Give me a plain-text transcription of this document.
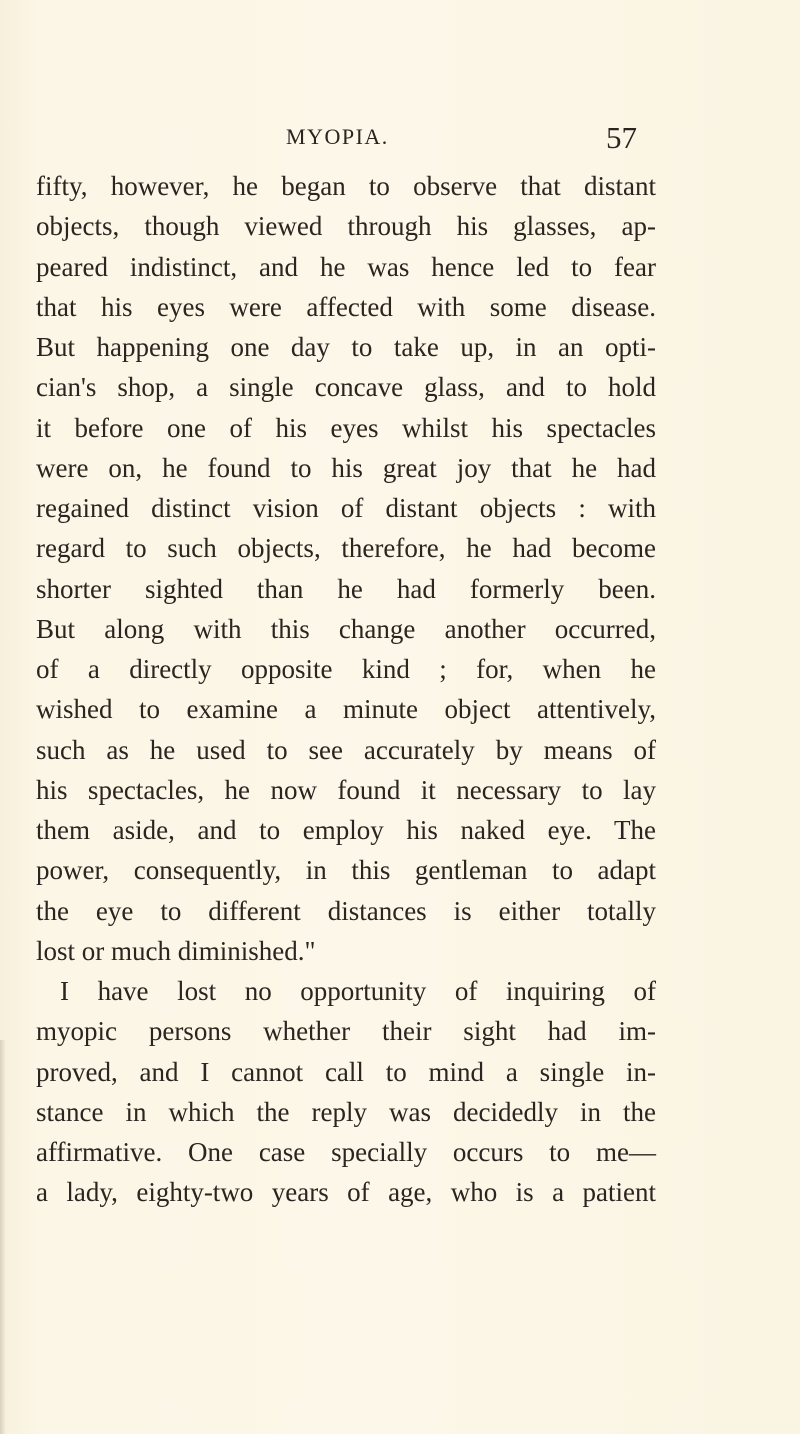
MYOPIA.	57
fifty, however, he began to observe that distant
objects, though viewed through his glasses, ap-
peared indistinct, and he was hence led to fear
that his eyes were affected with some disease.
But happening one day to take up, in an opti-
cian's shop, a single concave glass, and to hold
it before one of his eyes whilst his spectacles
were on, he found to his great joy that he had
regained distinct vision of distant objects : with
regard to such objects, therefore, he had become
shorter sighted than he had formerly been.
But along with this change another occurred,
of a directly opposite kind ; for, when he
wished to examine a minute object attentively,
such as he used to see accurately by means of
his spectacles, he now found it necessary to lay
them aside, and to employ his naked eye. The
power, consequently, in this gentleman to adapt
the eye to different distances is either totally
lost or much diminished."
I have lost no opportunity of inquiring of
myopic persons whether their sight had im-
proved, and I cannot call to mind a single in-
stance in which the reply was decidedly in the
affirmative. One case specially occurs to me—
a lady, eighty-two years of age, who is a patient
